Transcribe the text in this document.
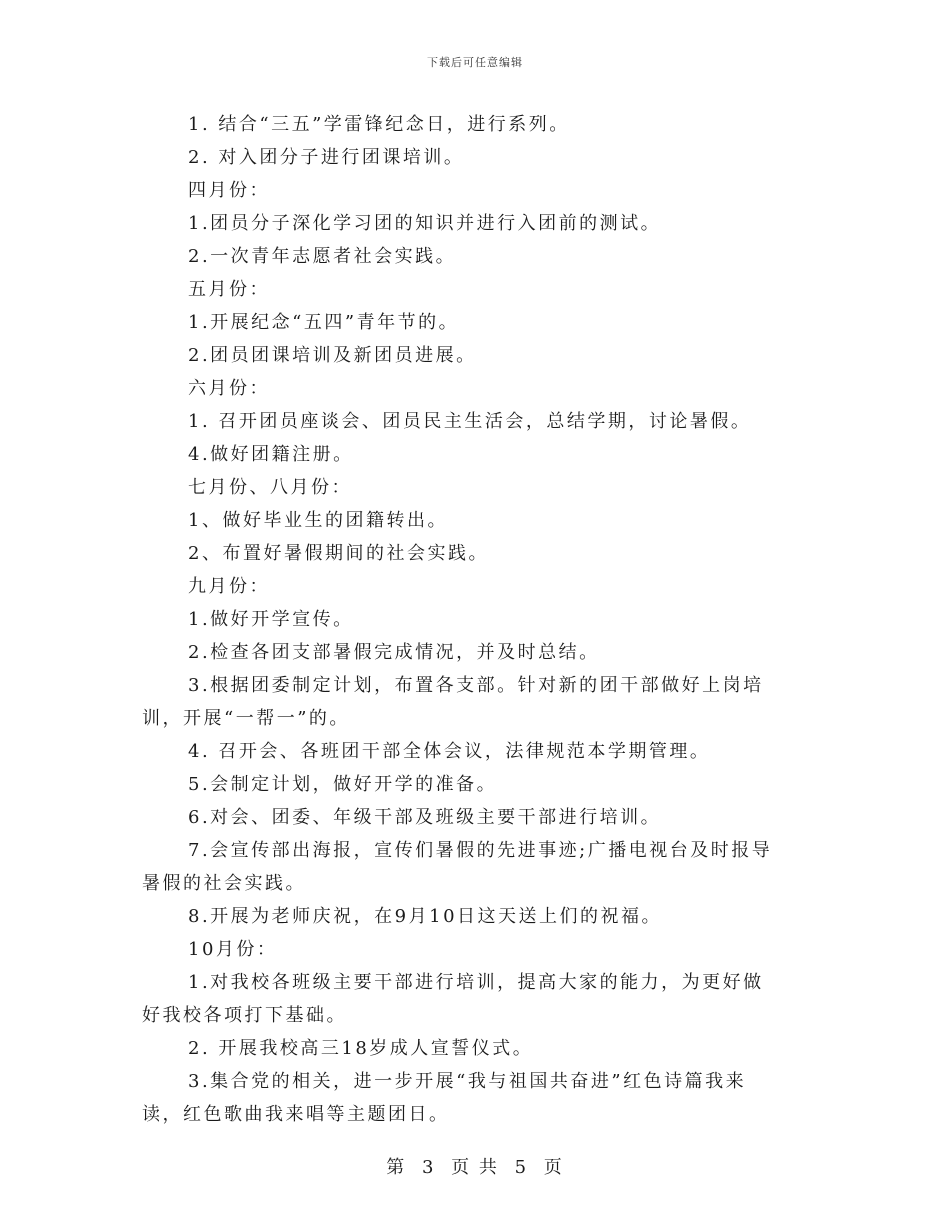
下载后可任意编辑
1. 结合“三五”学雷锋纪念日，进行系列。
2. 对入团分子进行团课培训。
四月份：
1.团员分子深化学习团的知识并进行入团前的测试。
2.一次青年志愿者社会实践。
五月份：
1.开展纪念“五四”青年节的。
2.团员团课培训及新团员进展。
六月份：
1. 召开团员座谈会、团员民主生活会，总结学期，讨论暑假。
4.做好团籍注册。
七月份、八月份：
1、做好毕业生的团籍转出。
2、布置好暑假期间的社会实践。
九月份：
1.做好开学宣传。
2.检查各团支部暑假完成情况，并及时总结。
3.根据团委制定计划，布置各支部。针对新的团干部做好上岗培
训，开展“一帮一”的。
4. 召开会、各班团干部全体会议，法律规范本学期管理。
5.会制定计划，做好开学的准备。
6.对会、团委、年级干部及班级主要干部进行培训。
7.会宣传部出海报，宣传们暑假的先进事迹;广播电视台及时报导
暑假的社会实践。
8.开展为老师庆祝，在9月10日这天送上们的祝福。
10月份：
1.对我校各班级主要干部进行培训，提高大家的能力，为更好做
好我校各项打下基础。
2. 开展我校高三18岁成人宣誓仪式。
3.集合党的相关，进一步开展“我与祖国共奋进”红色诗篇我来
读，红色歌曲我来唱等主题团日。
第 3 页 共 5 页
